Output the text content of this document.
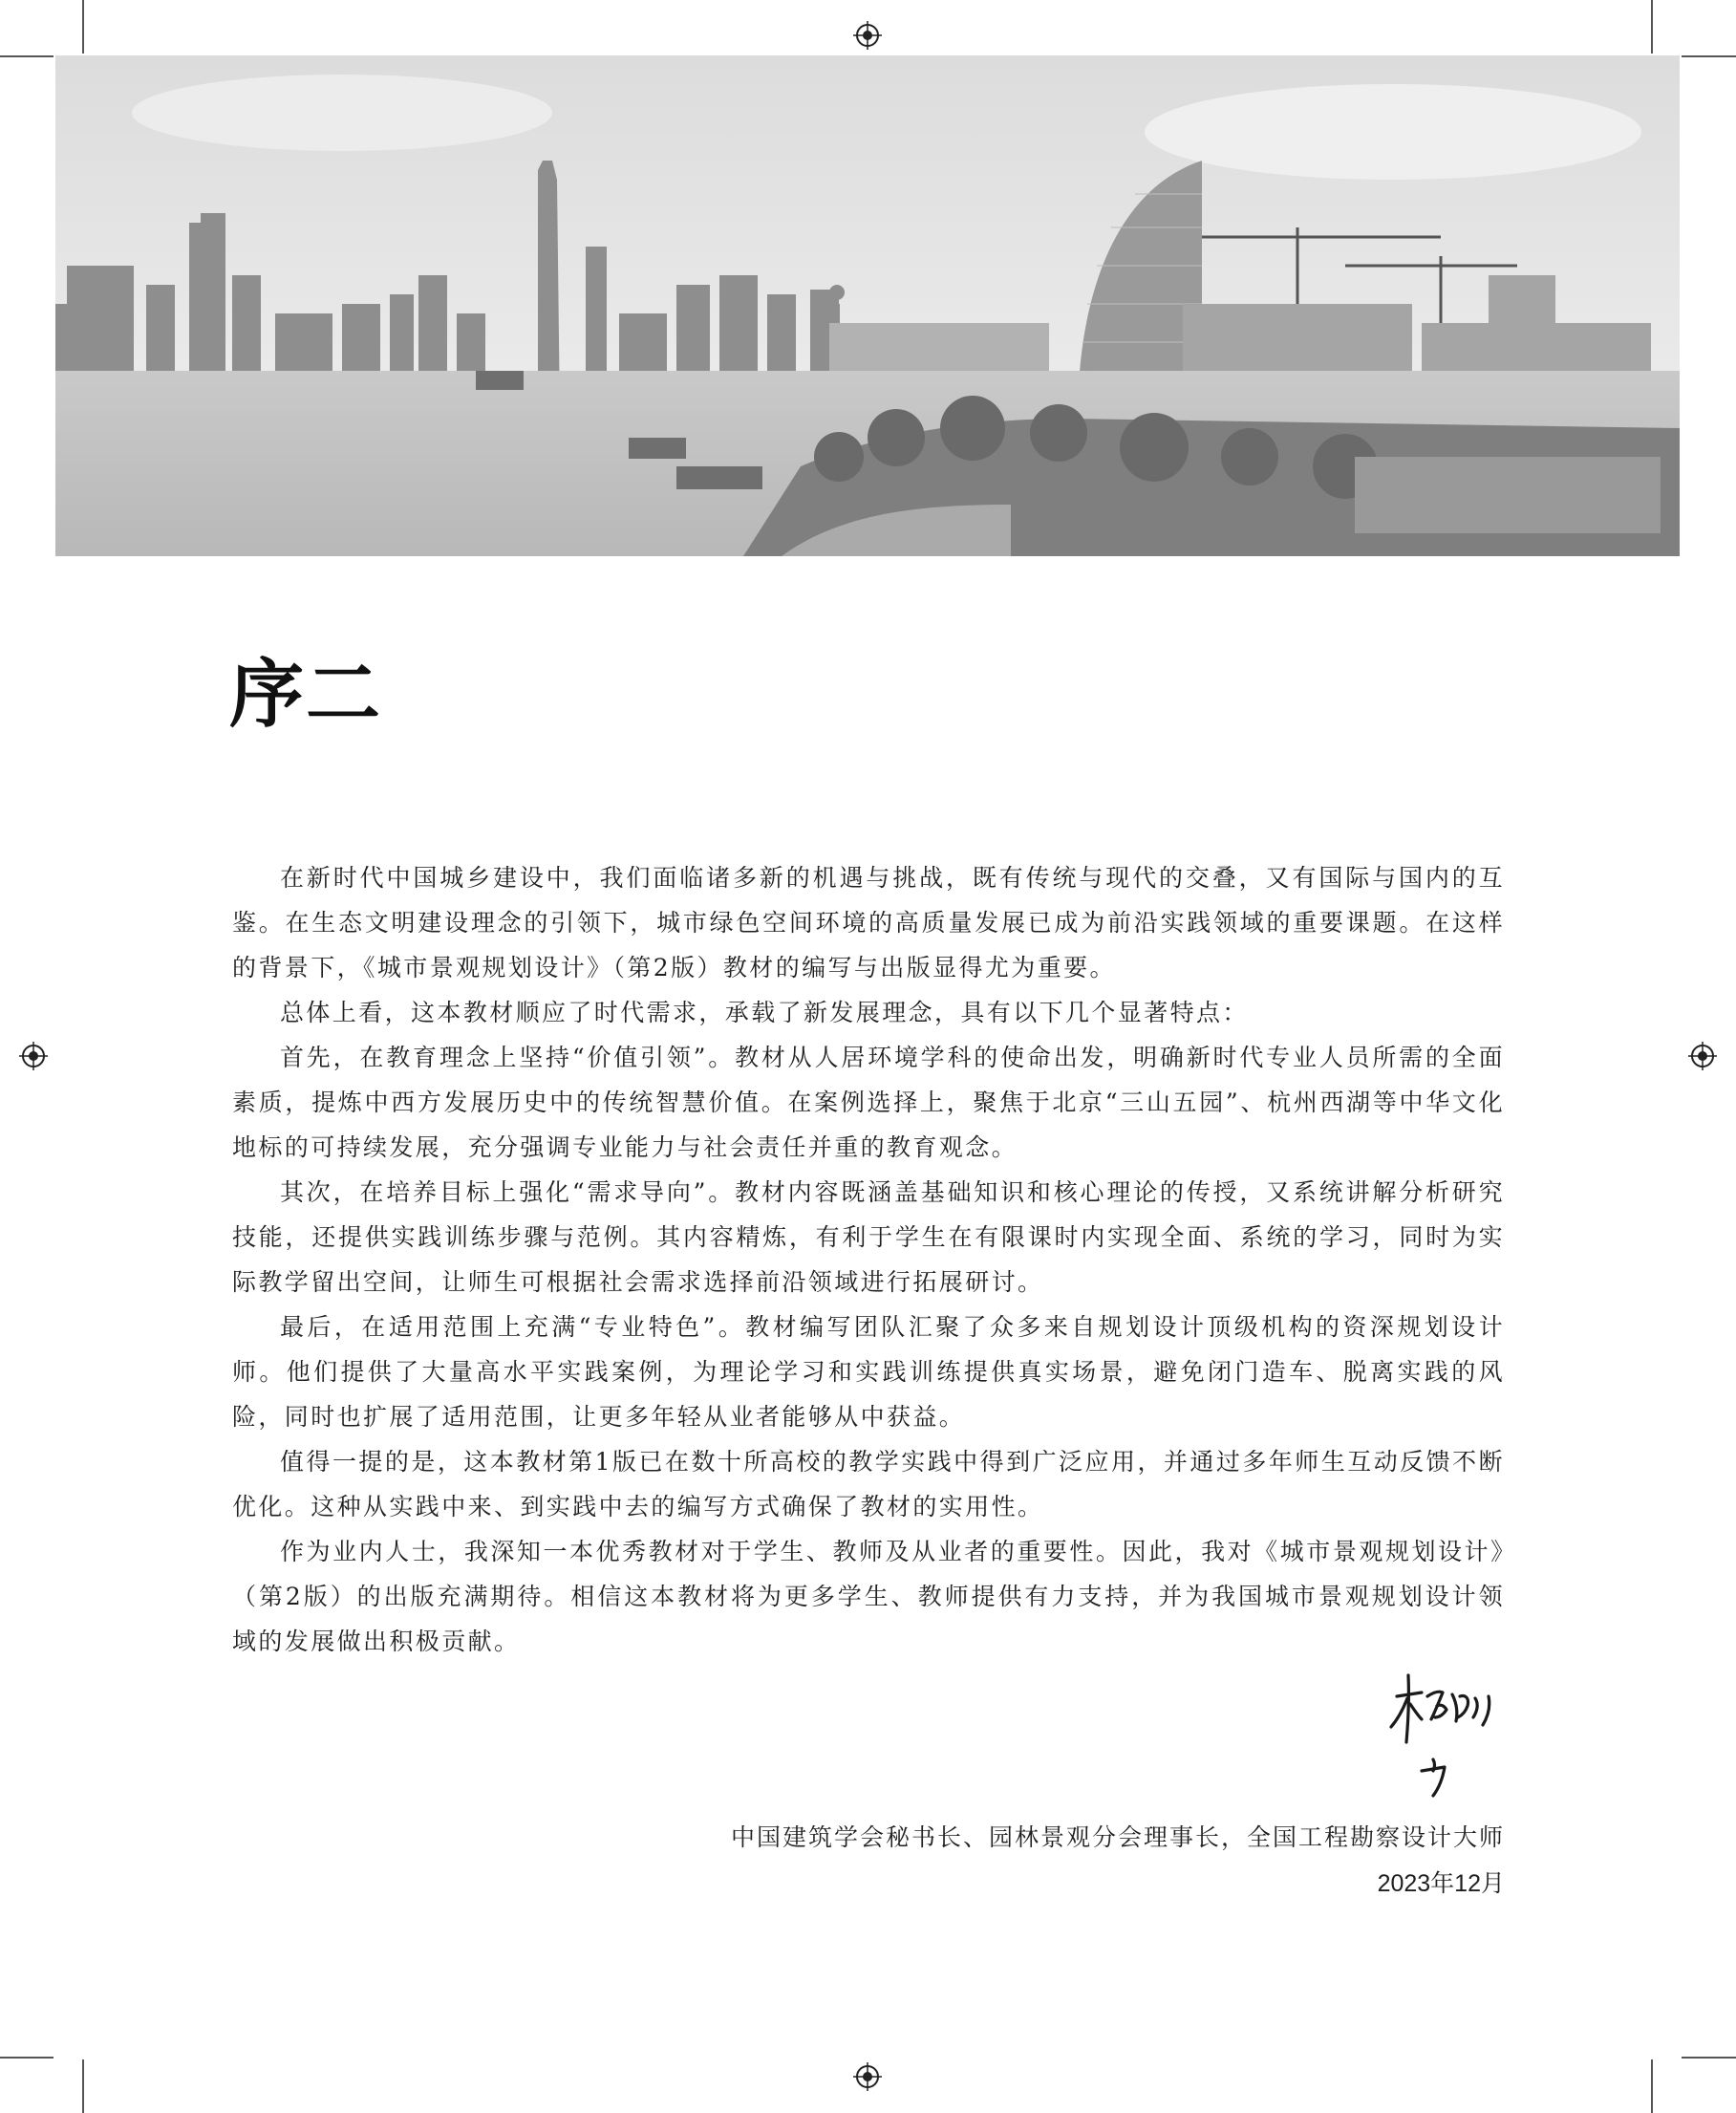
序二

在新时代中国城乡建设中，我们面临诸多新的机遇与挑战，既有传统与现代的交叠，又有国际与国内的互鉴。在生态文明建设理念的引领下，城市绿色空间环境的高质量发展已成为前沿实践领域的重要课题。在这样的背景下，《城市景观规划设计》（第2版）教材的编写与出版显得尤为重要。

总体上看，这本教材顺应了时代需求，承载了新发展理念，具有以下几个显著特点：

首先，在教育理念上坚持“价值引领”。教材从人居环境学科的使命出发，明确新时代专业人员所需的全面素质，提炼中西方发展历史中的传统智慧价值。在案例选择上，聚焦于北京“三山五园”、杭州西湖等中华文化地标的可持续发展，充分强调专业能力与社会责任并重的教育观念。

其次，在培养目标上强化“需求导向”。教材内容既涵盖基础知识和核心理论的传授，又系统讲解分析研究技能，还提供实践训练步骤与范例。其内容精炼，有利于学生在有限课时内实现全面、系统的学习，同时为实际教学留出空间，让师生可根据社会需求选择前沿领域进行拓展研讨。

最后，在适用范围上充满“专业特色”。教材编写团队汇聚了众多来自规划设计顶级机构的资深规划设计师。他们提供了大量高水平实践案例，为理论学习和实践训练提供真实场景，避免闭门造车、脱离实践的风险，同时也扩展了适用范围，让更多年轻从业者能够从中获益。

值得一提的是，这本教材第1版已在数十所高校的教学实践中得到广泛应用，并通过多年师生互动反馈不断优化。这种从实践中来、到实践中去的编写方式确保了教材的实用性。

作为业内人士，我深知一本优秀教材对于学生、教师及从业者的重要性。因此，我对《城市景观规划设计》（第2版）的出版充满期待。相信这本教材将为更多学生、教师提供有力支持，并为我国城市景观规划设计领域的发展做出积极贡献。

中国建筑学会秘书长、园林景观分会理事长，全国工程勘察设计大师
2023年12月
